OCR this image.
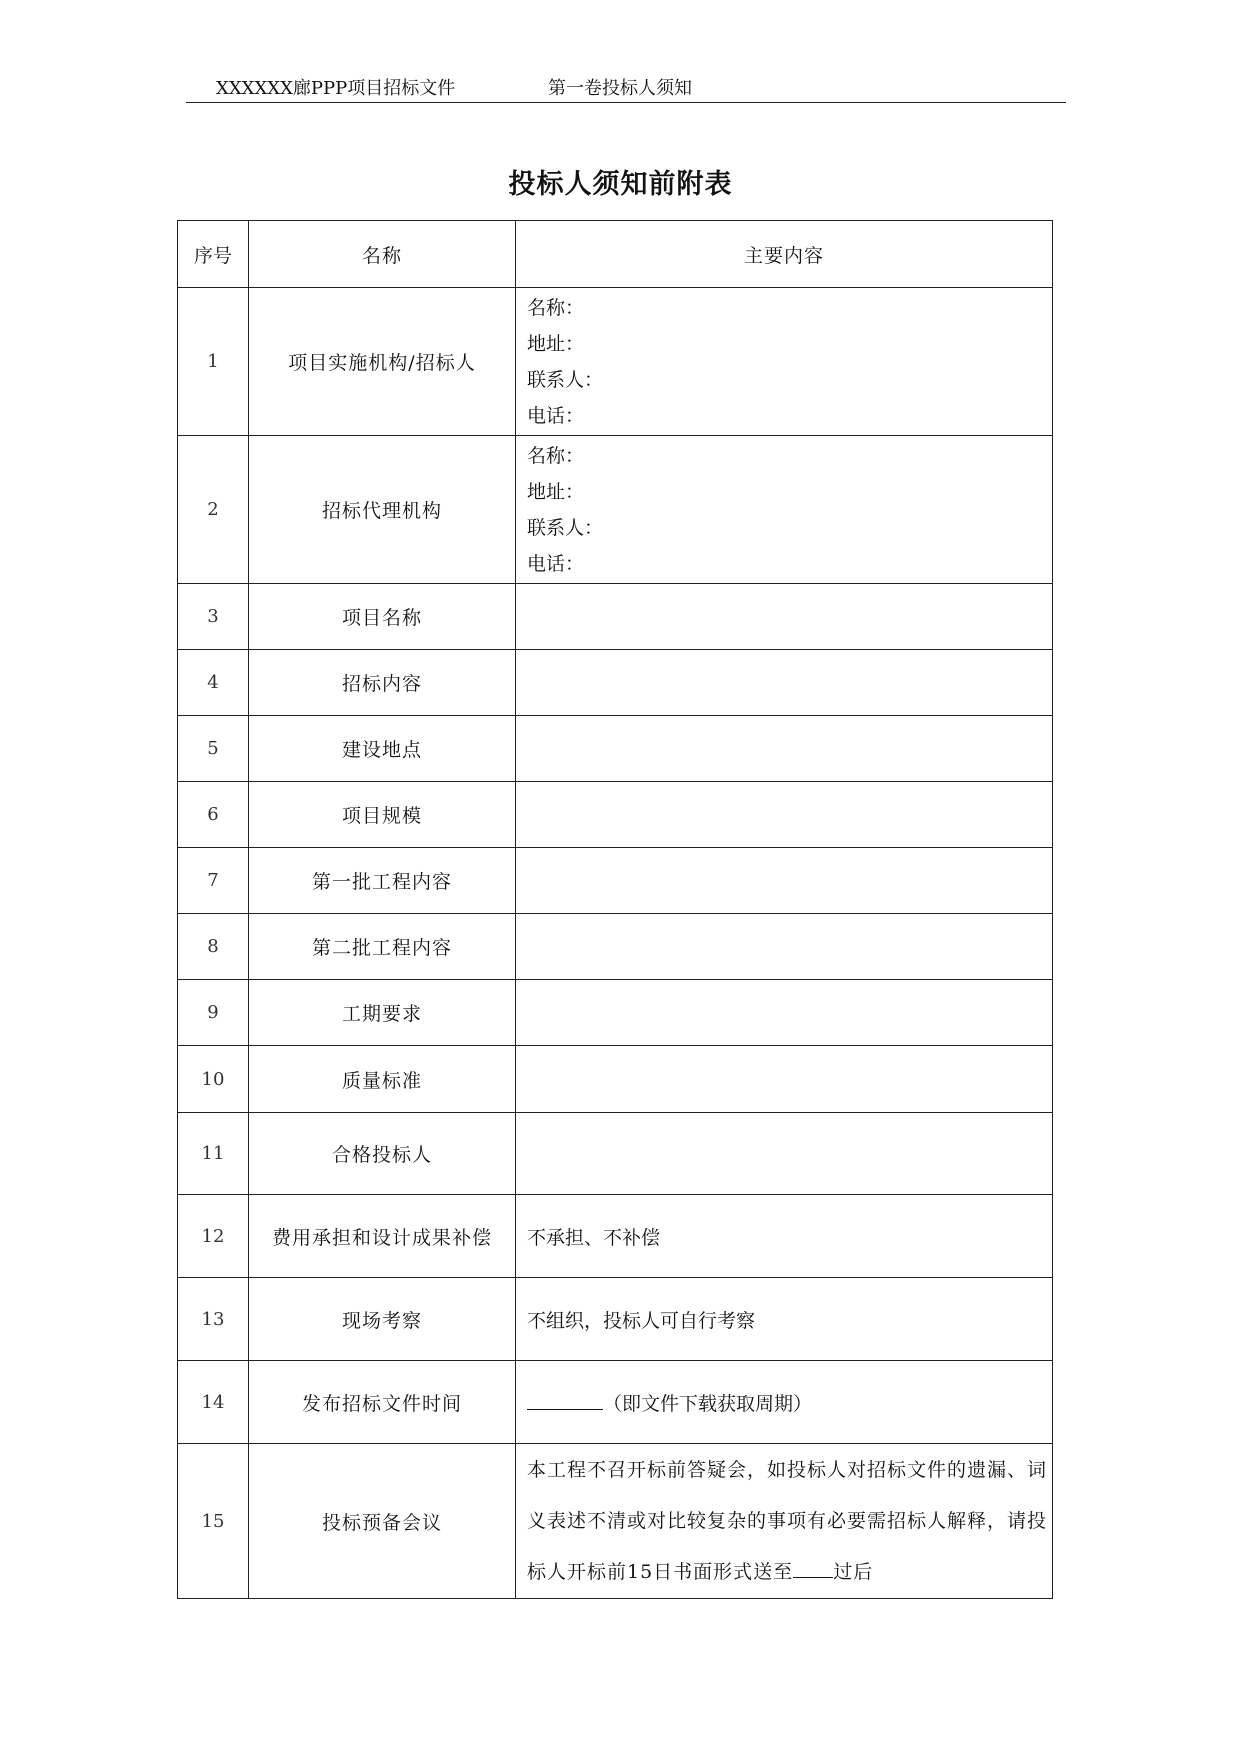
XXXXXX廊PPP项目招标文件	第一卷投标人须知
投标人须知前附表
序号	名称	主要内容
1	项目实施机构/招标人	名称：
地址：
联系人：
电话：

2	招标代理机构	名称：
地址：
联系人：
电话：

3	项目名称	
4	招标内容	
5	建设地点	
6	项目规模	
7	第一批工程内容	
8	第二批工程内容	
9	工期要求	
10	质量标准	
11	合格投标人	
12	费用承担和设计成果补偿	不承担、不补偿
13	现场考察	不组织，投标人可自行考察
14	发布招标文件时间	（即文件下载获取周期）
15	投标预备会议	本工程不召开标前答疑会，如投标人对招标文件的遗漏、词义表述不清或对比较复杂的事项有必要需招标人解释，请投标人开标前15日书面形式送至 过后
